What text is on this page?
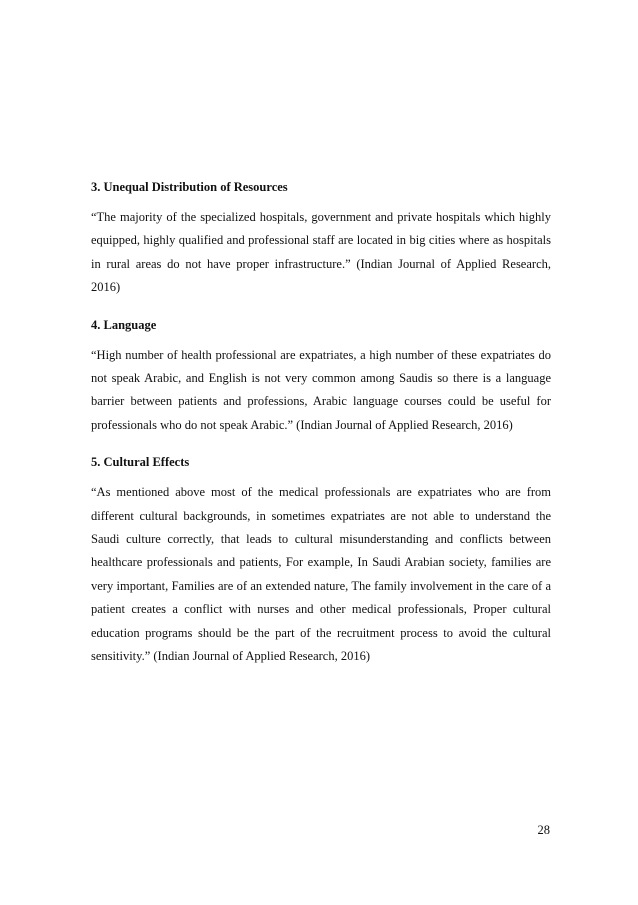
3. Unequal Distribution of Resources
“The majority of the specialized hospitals, government and private hospitals which highly equipped, highly qualified and professional staff are located in big cities where as hospitals in rural areas do not have proper infrastructure.” (Indian Journal of Applied Research, 2016)
4. Language
“High number of health professional are expatriates, a high number of these expatriates do not speak Arabic, and English is not very common among Saudis so there is a language barrier between patients and professions, Arabic language courses could be useful for professionals who do not speak Arabic.” (Indian Journal of Applied Research, 2016)
5. Cultural Effects
“As mentioned above most of the medical professionals are expatriates who are from different cultural backgrounds, in sometimes expatriates are not able to understand the Saudi culture correctly, that leads to cultural misunderstanding and conflicts between healthcare professionals and patients, For example, In Saudi Arabian society, families are very important, Families are of an extended nature, The family involvement in the care of a patient creates a conflict with nurses and other medical professionals, Proper cultural education programs should be the part of the recruitment process to avoid the cultural sensitivity.” (Indian Journal of Applied Research, 2016)
28
